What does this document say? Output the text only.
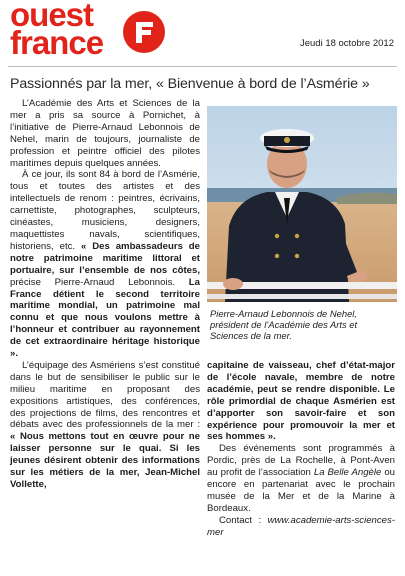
ouest
france	Jeudi 18 octobre 2012
Passionnés par la mer, « Bienvenue à bord de l’Asmérie »

L’Académie des Arts et Sciences de la mer a pris sa source à Pornichet, à l’initiative de Pierre-Arnaud Lebonnois de Nehel, marin de toujours, journaliste de profession et peintre officiel des pilotes maritimes depuis quelques années.

À ce jour, ils sont 84 à bord de l’Asmérie, tous et toutes des artistes et des intellectuels de renom : peintres, écrivains, carnettiste, photographes, sculpteurs, cinéastes, musiciens, designers, maquettistes navals, scientifiques, historiens, etc. « Des ambassadeurs de notre patrimoine maritime littoral et portuaire, sur l’ensemble de nos côtes, précise Pierre-Arnaud Lebonnois. La France détient le second territoire maritime mondial, un patrimoine mal connu et que nous voulons mettre à l’honneur et contribuer au rayonnement de cet extraordinaire héritage historique ».

L’équipage des Asmériens s’est constitué dans le but de sensibiliser le public sur le milieu maritime en proposant des expositions artistiques, des conférences, des projections de films, des rencontres et débats avec des professionnels de la mer : « Nous mettons tout en œuvre pour ne laisser personne sur le quai. Si les jeunes désirent obtenir des informations sur les métiers de la mer, Jean-Michel Vollette,

Pierre-Arnaud Lebonnois de Nehel, président de l’Académie des Arts et Sciences de la mer.

capitaine de vaisseau, chef d’état-major de l’école navale, membre de notre académie, peut se rendre disponible. Le rôle primordial de chaque Asmérien est d’apporter son savoir-faire et son expérience pour promouvoir la mer et ses hommes ».

Des événements sont programmés à Pordic, près de La Rochelle, à Pont-Aven au profit de l’association La Belle Angèle ou encore en partenariat avec le prochain musée de la Mer et de la Marine à Bordeaux.

Contact : www.academie-arts-sciences-mer
